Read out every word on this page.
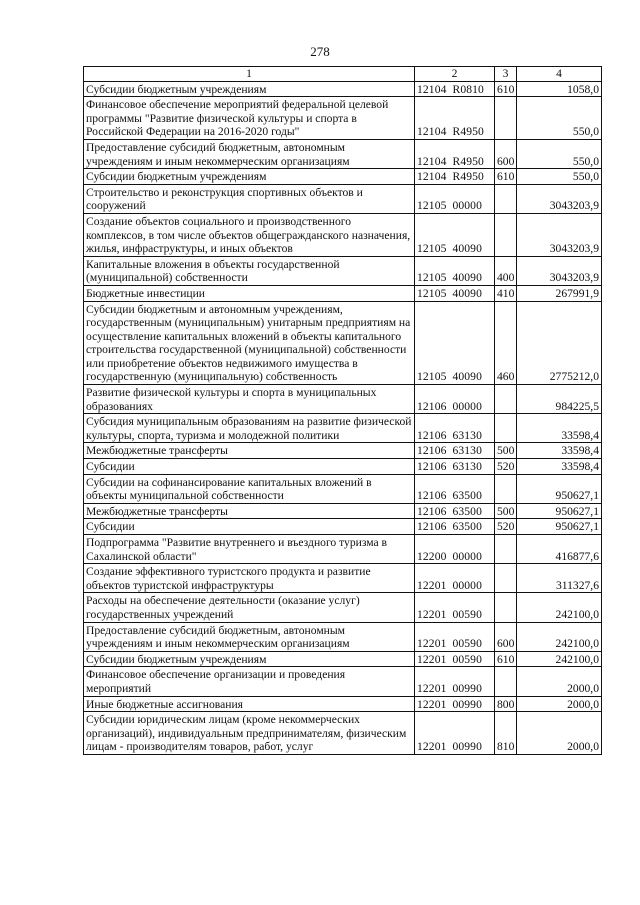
278
1	2	3	4
Субсидии бюджетным учреждениям	12104  R0810	610	1058,0
Финансовое обеспечение мероприятий федеральной целевой программы "Развитие физической культуры и спорта в Российской Федерации на 2016-2020 годы"	12104  R4950		550,0
Предоставление субсидий бюджетным, автономным учреждениям и иным некоммерческим организациям	12104  R4950	600	550,0
Субсидии бюджетным учреждениям	12104  R4950	610	550,0
Строительство и реконструкция спортивных объектов и сооружений	12105  00000		3043203,9
Создание объектов социального и производственного комплексов, в том числе объектов общегражданского назначения, жилья, инфраструктуры, и иных объектов	12105  40090		3043203,9
Капитальные вложения в объекты государственной (муниципальной) собственности	12105  40090	400	3043203,9
Бюджетные инвестиции	12105  40090	410	267991,9
Субсидии бюджетным и автономным учреждениям, государственным (муниципальным) унитарным предприятиям на осуществление капитальных вложений в объекты капитального строительства государственной (муниципальной) собственности или приобретение объектов недвижимого имущества в государственную (муниципальную) собственность	12105  40090	460	2775212,0
Развитие физической культуры и спорта в муниципальных образованиях	12106  00000		984225,5
Субсидия муниципальным образованиям на развитие физической культуры, спорта, туризма и молодежной политики	12106  63130		33598,4
Межбюджетные трансферты	12106  63130	500	33598,4
Субсидии	12106  63130	520	33598,4
Субсидии на софинансирование капитальных вложений в объекты муниципальной собственности	12106  63500		950627,1
Межбюджетные трансферты	12106  63500	500	950627,1
Субсидии	12106  63500	520	950627,1
Подпрограмма "Развитие внутреннего и въездного туризма в Сахалинской области"	12200  00000		416877,6
Создание эффективного туристского продукта и развитие объектов туристской инфраструктуры	12201  00000		311327,6
Расходы на обеспечение деятельности (оказание услуг) государственных учреждений	12201  00590		242100,0
Предоставление субсидий бюджетным, автономным учреждениям и иным некоммерческим организациям	12201  00590	600	242100,0
Субсидии бюджетным учреждениям	12201  00590	610	242100,0
Финансовое обеспечение организации и проведения мероприятий	12201  00990		2000,0
Иные бюджетные ассигнования	12201  00990	800	2000,0
Субсидии юридическим лицам (кроме некоммерческих организаций), индивидуальным предпринимателям, физическим лицам - производителям товаров, работ, услуг	12201  00990	810	2000,0
